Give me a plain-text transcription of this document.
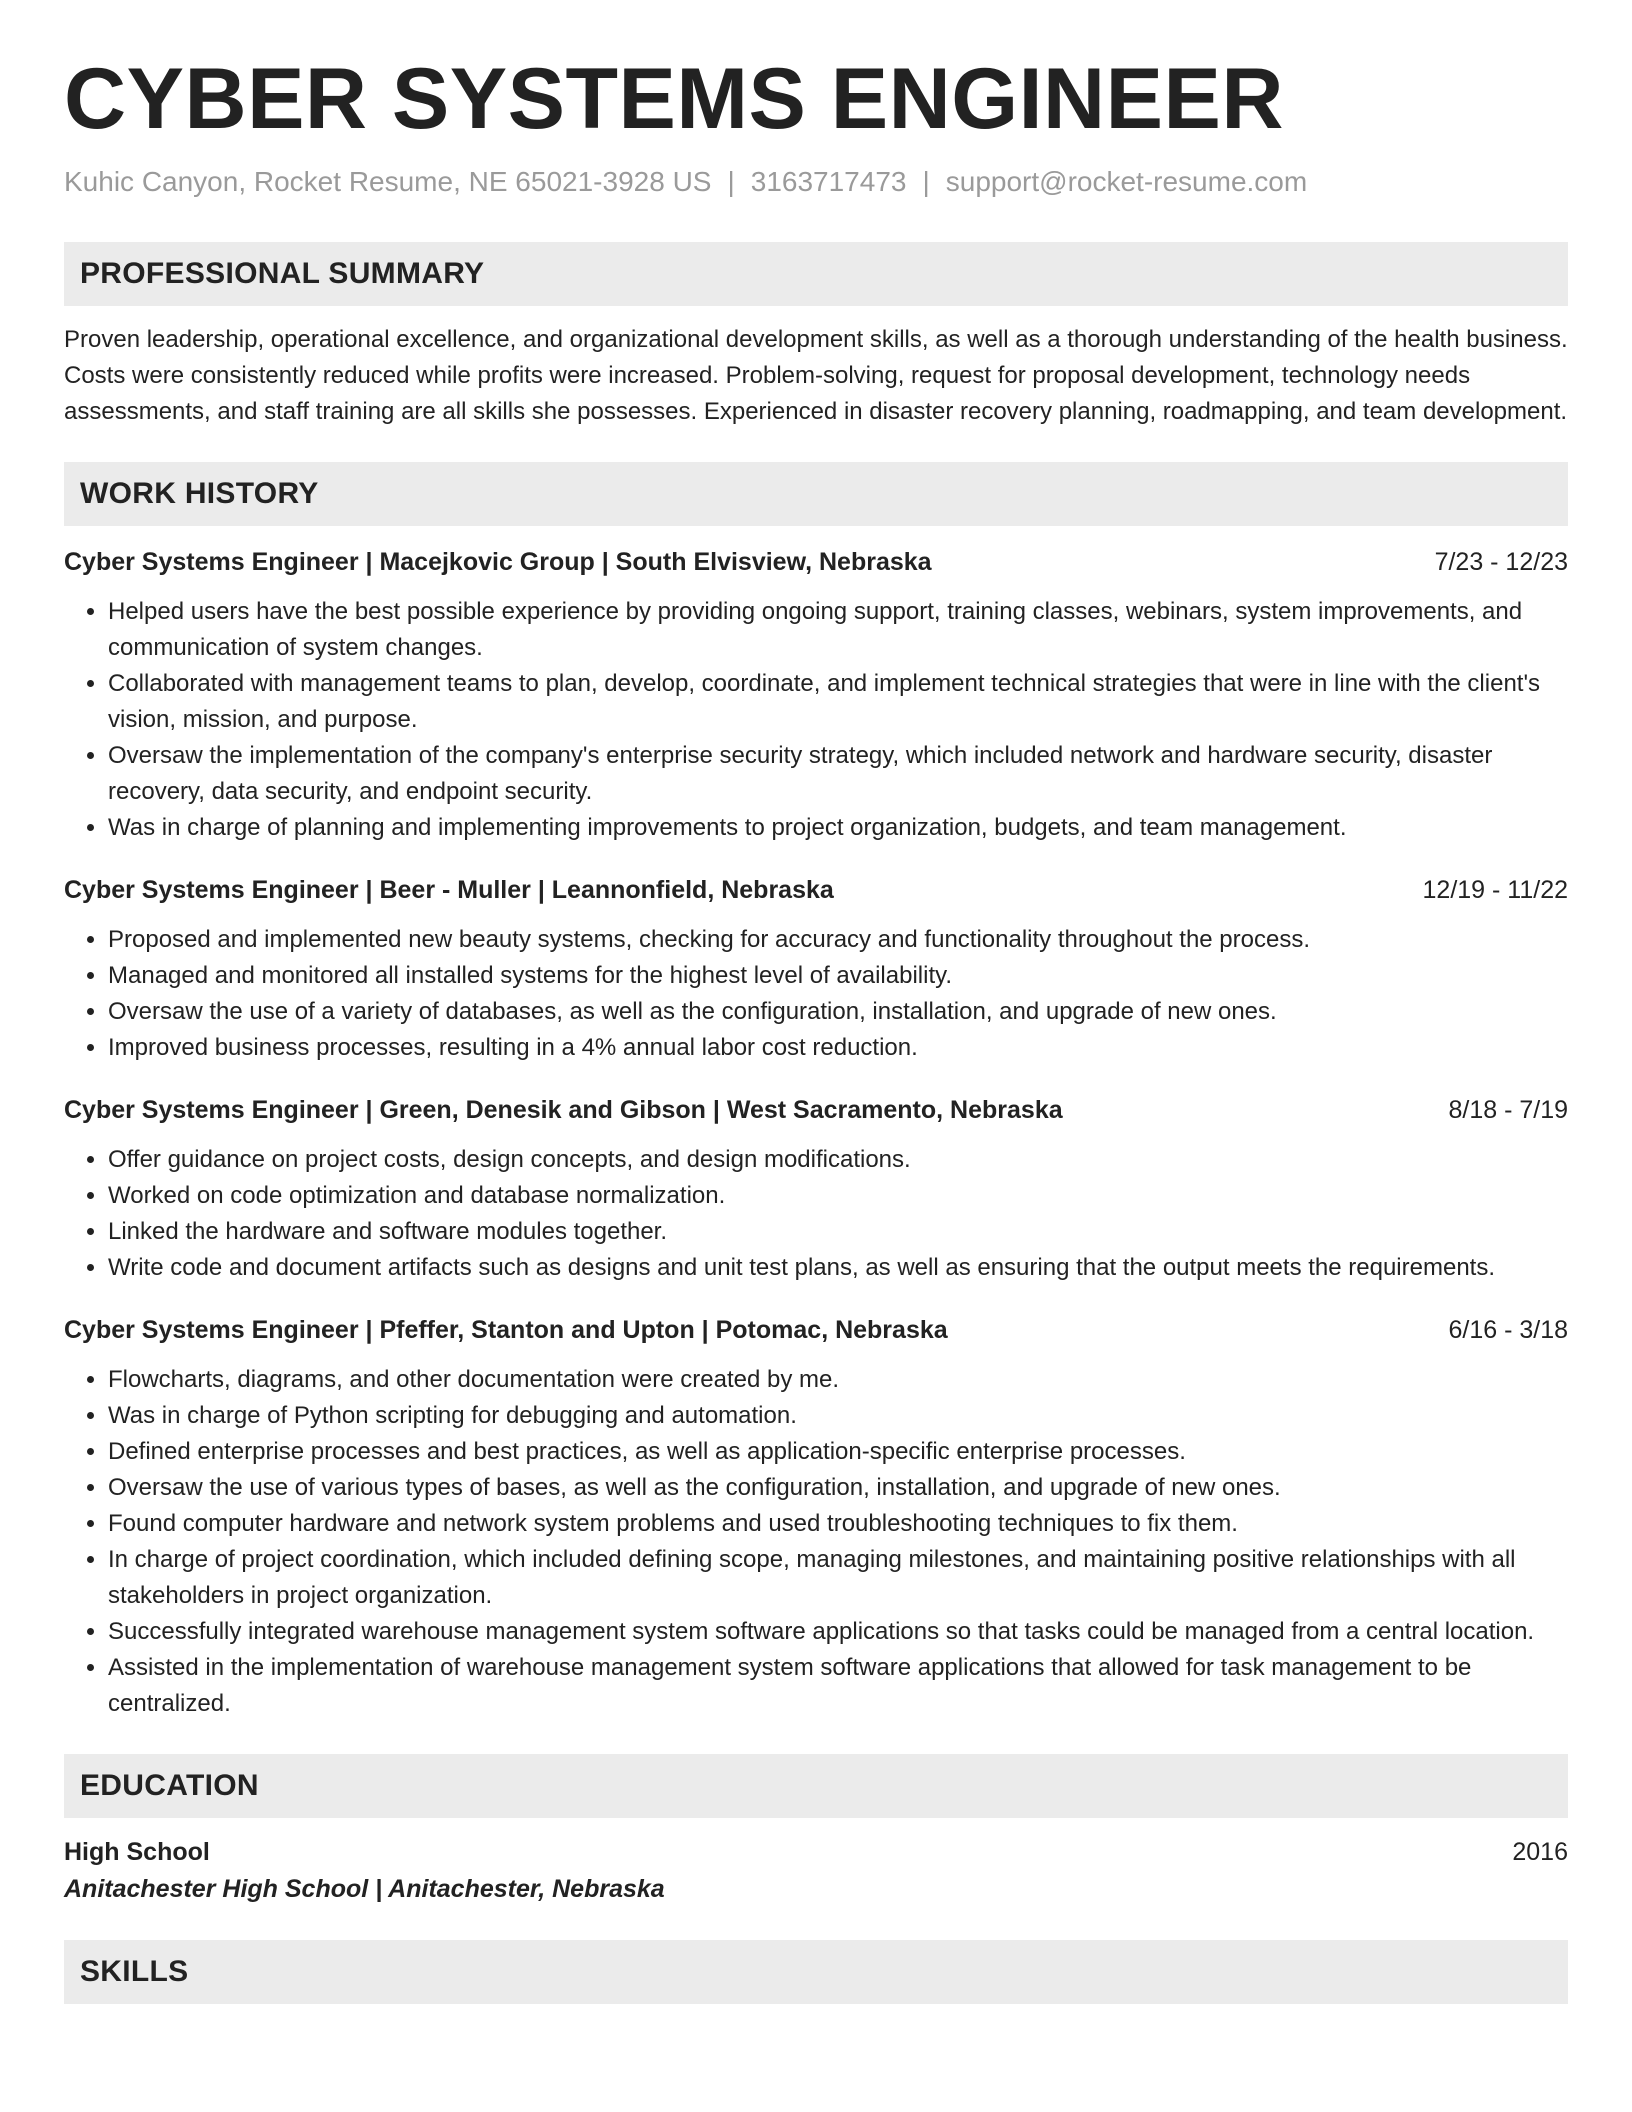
CYBER SYSTEMS ENGINEER
Kuhic Canyon, Rocket Resume, NE 65021-3928 US | 3163717473 | support@rocket-resume.com
PROFESSIONAL SUMMARY
Proven leadership, operational excellence, and organizational development skills, as well as a thorough understanding of the health business. Costs were consistently reduced while profits were increased. Problem-solving, request for proposal development, technology needs assessments, and staff training are all skills she possesses. Experienced in disaster recovery planning, roadmapping, and team development.
WORK HISTORY
Cyber Systems Engineer | Macejkovic Group | South Elvisview, Nebraska	7/23 - 12/23
• Helped users have the best possible experience by providing ongoing support, training classes, webinars, system improvements, and communication of system changes.
• Collaborated with management teams to plan, develop, coordinate, and implement technical strategies that were in line with the client's vision, mission, and purpose.
• Oversaw the implementation of the company's enterprise security strategy, which included network and hardware security, disaster recovery, data security, and endpoint security.
• Was in charge of planning and implementing improvements to project organization, budgets, and team management.
Cyber Systems Engineer | Beer - Muller | Leannonfield, Nebraska	12/19 - 11/22
• Proposed and implemented new beauty systems, checking for accuracy and functionality throughout the process.
• Managed and monitored all installed systems for the highest level of availability.
• Oversaw the use of a variety of databases, as well as the configuration, installation, and upgrade of new ones.
• Improved business processes, resulting in a 4% annual labor cost reduction.
Cyber Systems Engineer | Green, Denesik and Gibson | West Sacramento, Nebraska	8/18 - 7/19
• Offer guidance on project costs, design concepts, and design modifications.
• Worked on code optimization and database normalization.
• Linked the hardware and software modules together.
• Write code and document artifacts such as designs and unit test plans, as well as ensuring that the output meets the requirements.
Cyber Systems Engineer | Pfeffer, Stanton and Upton | Potomac, Nebraska	6/16 - 3/18
• Flowcharts, diagrams, and other documentation were created by me.
• Was in charge of Python scripting for debugging and automation.
• Defined enterprise processes and best practices, as well as application-specific enterprise processes.
• Oversaw the use of various types of bases, as well as the configuration, installation, and upgrade of new ones.
• Found computer hardware and network system problems and used troubleshooting techniques to fix them.
• In charge of project coordination, which included defining scope, managing milestones, and maintaining positive relationships with all stakeholders in project organization.
• Successfully integrated warehouse management system software applications so that tasks could be managed from a central location.
• Assisted in the implementation of warehouse management system software applications that allowed for task management to be centralized.
EDUCATION
High School	2016
Anitachester High School | Anitachester, Nebraska
SKILLS
